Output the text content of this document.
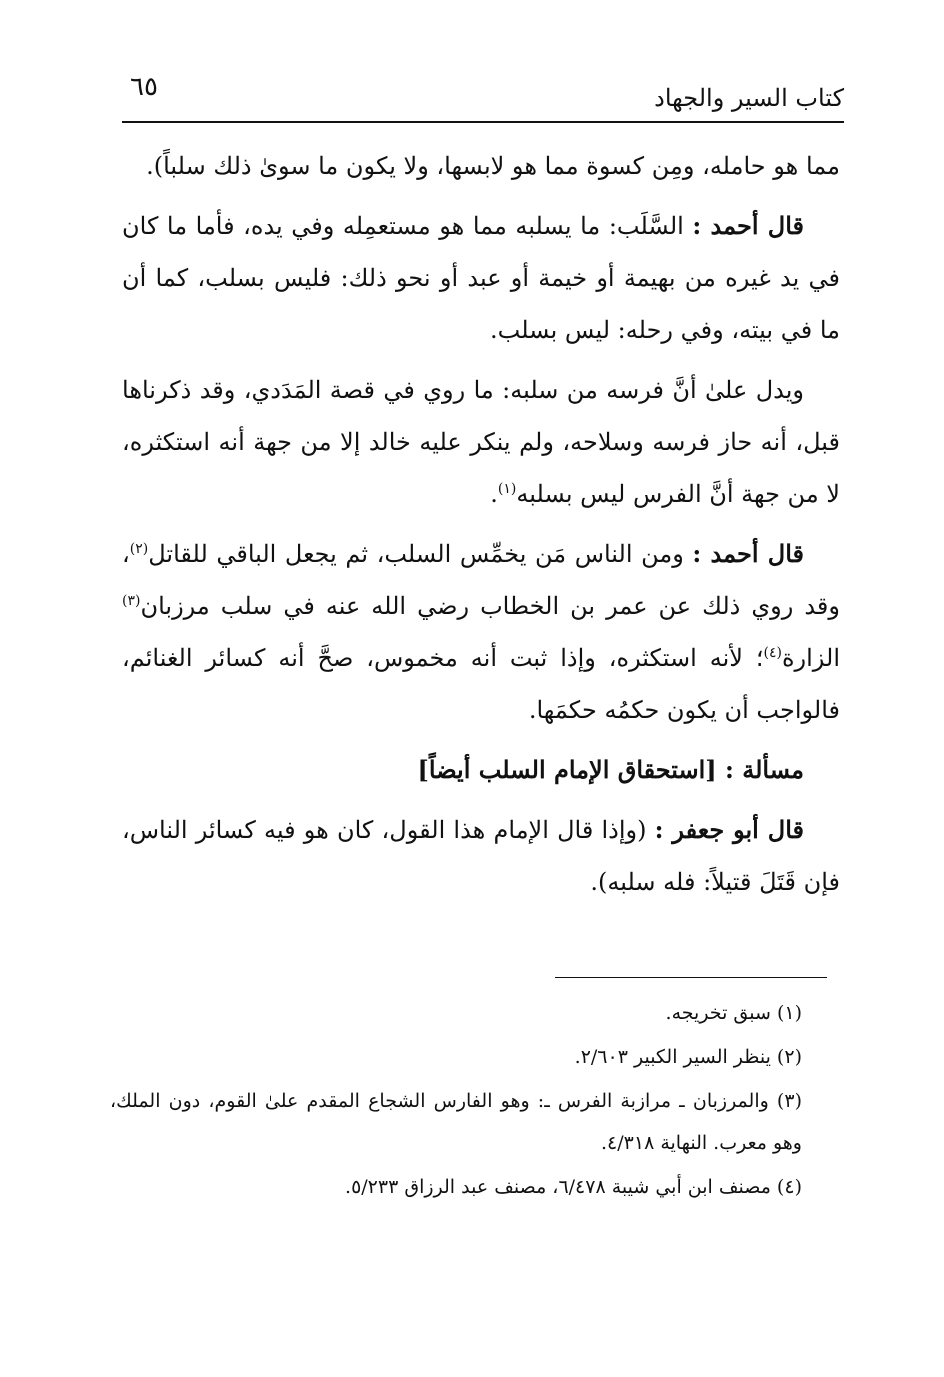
كتاب السير والجهاد
٦٥

مما هو حامله، ومِن كسوة مما هو لابسها، ولا يكون ما سوىٰ ذلك سلباً).

قال أحمد : السَّلَب: ما يسلبه مما هو مستعمِله وفي يده، فأما ما كان في يد غيره من بهيمة أو خيمة أو عبد أو نحو ذلك: فليس بسلب، كما أن ما في بيته، وفي رحله: ليس بسلب.

ويدل علىٰ أنَّ فرسه من سلبه: ما روي في قصة المَدَدي، وقد ذكرناها قبل، أنه حاز فرسه وسلاحه، ولم ينكر عليه خالد إلا من جهة أنه استكثره، لا من جهة أنَّ الفرس ليس بسلبه$^{(١)}$.

قال أحمد : ومن الناس مَن يخمِّس السلب، ثم يجعل الباقي للقاتل$^{(٢)}$، وقد روي ذلك عن عمر بن الخطاب رضي الله عنه في سلب مرزبان$^{(٣)}$ الزارة$^{(٤)}$؛ لأنه استكثره، وإذا ثبت أنه مخموس، صحَّ أنه كسائر الغنائم، فالواجب أن يكون حكمُه حكمَها.

مسألة : [استحقاق الإمام السلب أيضاً]

قال أبو جعفر : (وإذا قال الإمام هذا القول، كان هو فيه كسائر الناس، فإن قَتَلَ قتيلاً: فله سلبه).

(١) سبق تخريجه.

(٢) ينظر السير الكبير ٢/٦٠٣.

(٣) والمرزبان ـ مرازبة الفرس ـ: وهو الفارس الشجاع المقدم علىٰ القوم، دون الملك، وهو معرب. النهاية ٤/٣١٨.

(٤) مصنف ابن أبي شيبة ٦/٤٧٨، مصنف عبد الرزاق ٥/٢٣٣.
